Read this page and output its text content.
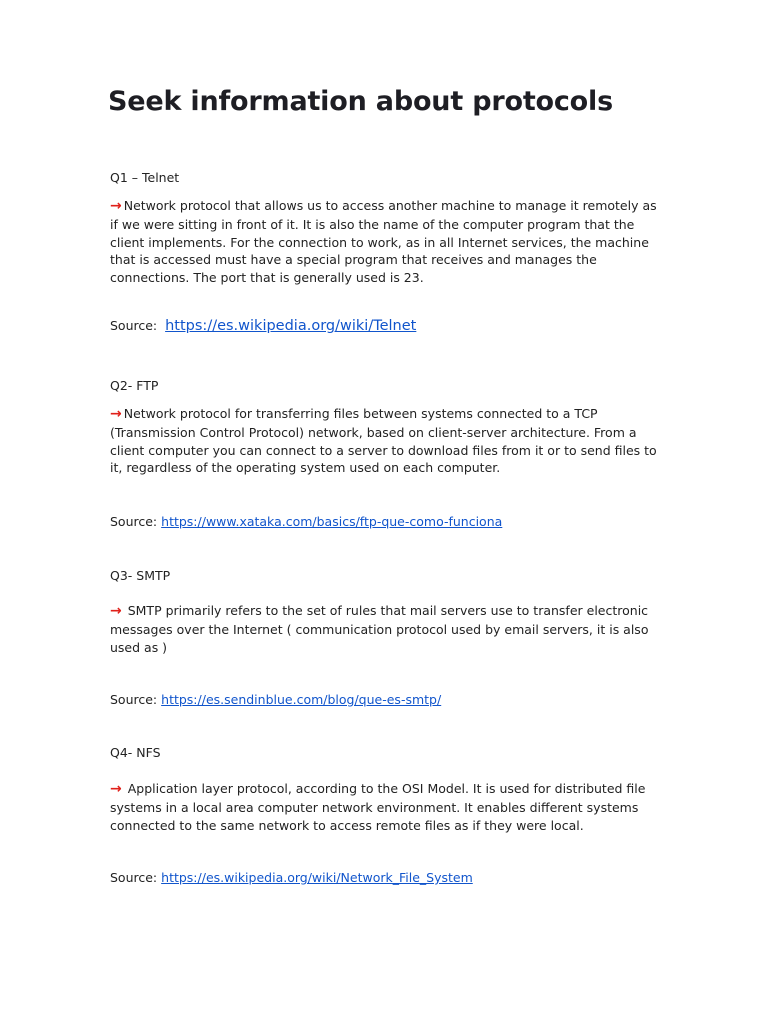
Seek information about protocols
Q1 – Telnet

→ Network protocol that allows us to access another machine to manage it remotely as if we were sitting in front of it. It is also the name of the computer program that the client implements. For the connection to work, as in all Internet services, the machine that is accessed must have a special program that receives and manages the connections. The port that is generally used is 23.

Source: https://es.wikipedia.org/wiki/Telnet
Q2- FTP

→ Network protocol for transferring files between systems connected to a TCP (Transmission Control Protocol) network, based on client-server architecture. From a client computer you can connect to a server to download files from it or to send files to it, regardless of the operating system used on each computer.

Source: https://www.xataka.com/basics/ftp-que-como-funciona
Q3- SMTP

→ SMTP primarily refers to the set of rules that mail servers use to transfer electronic messages over the Internet ( communication protocol used by email servers, it is also used as )

Source: https://es.sendinblue.com/blog/que-es-smtp/
Q4- NFS

→ Application layer protocol, according to the OSI Model. It is used for distributed file systems in a local area computer network environment. It enables different systems connected to the same network to access remote files as if they were local.

Source: https://es.wikipedia.org/wiki/Network_File_System
